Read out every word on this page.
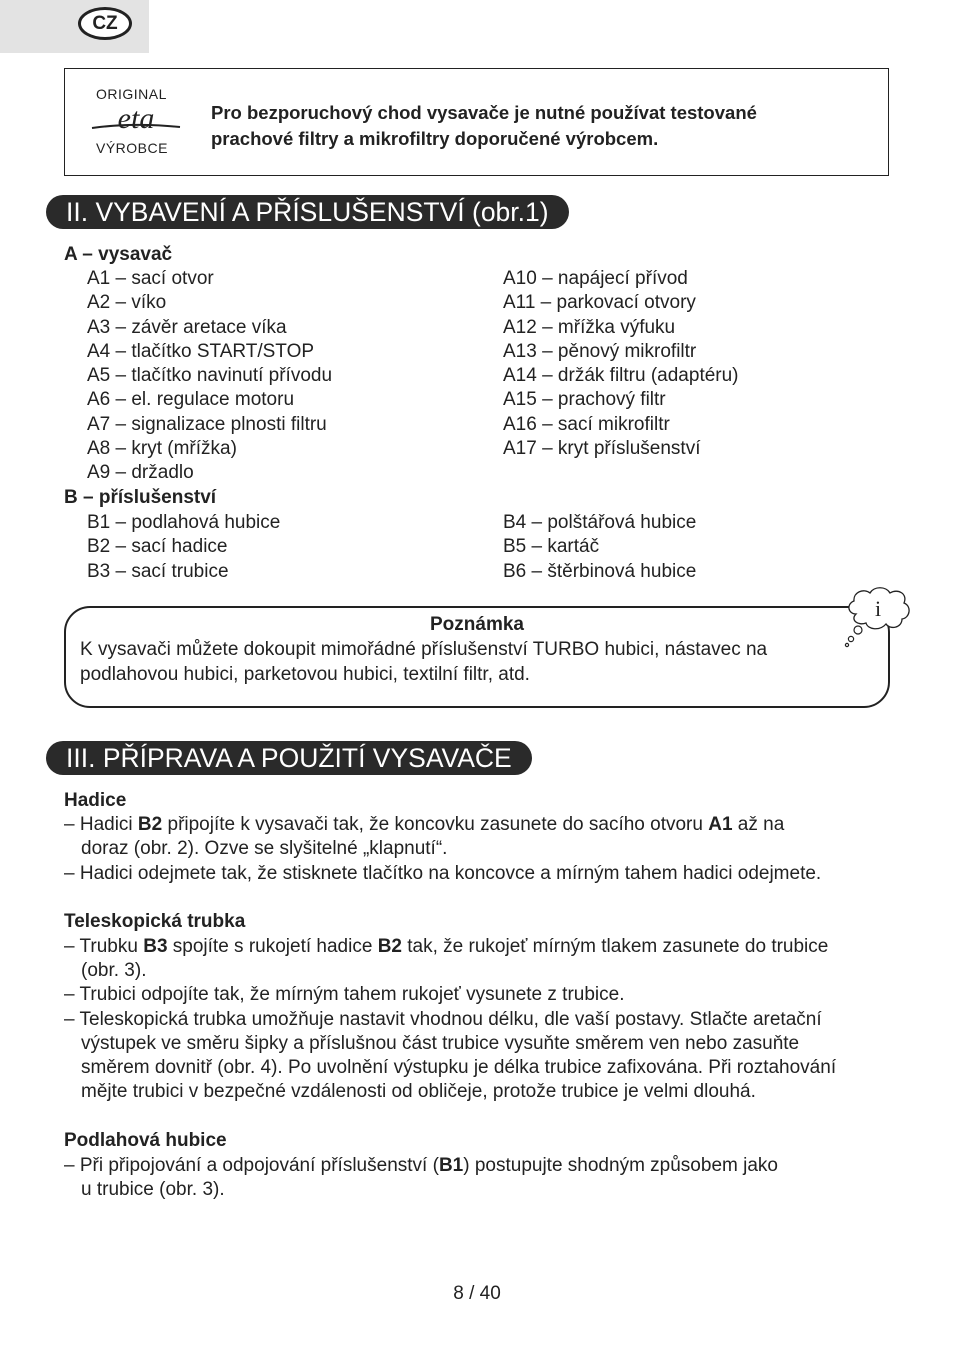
CZ
ORIGINAL
eta
VÝROBCE
Pro bezporuchový chod vysavače je nutné používat testované
prachové filtry a mikrofiltry doporučené výrobcem.
II. VYBAVENÍ A PŘÍSLUŠENSTVÍ (obr.1)
A – vysavač
A1 – sací otvor
A2 – víko
A3 – závěr aretace víka
A4 – tlačítko START/STOP
A5 – tlačítko navinutí přívodu
A6 – el. regulace motoru
A7 – signalizace plnosti filtru
A8 – kryt (mřížka)
A9 – držadlo
A10 – napájecí přívod
A11 – parkovací otvory
A12 – mřížka výfuku
A13 – pěnový mikrofiltr
A14 – držák filtru (adaptéru)
A15 – prachový filtr
A16 – sací mikrofiltr
A17 – kryt příslušenství
B – příslušenství
B1 – podlahová hubice
B2 – sací hadice
B3 – sací trubice
B4 – polštářová hubice
B5 – kartáč
B6 – štěrbinová hubice
Poznámka
K vysavači můžete dokoupit mimořádné příslušenství TURBO hubici, nástavec na
podlahovou hubici, parketovou hubici, textilní filtr, atd.
i
III. PŘÍPRAVA A POUŽITÍ VYSAVAČE
Hadice
– Hadici B2 připojíte k vysavači tak, že koncovku zasunete do sacího otvoru A1 až na
doraz (obr. 2). Ozve se slyšitelné „klapnutí“.
– Hadici odejmete tak, že stisknete tlačítko na koncovce a mírným tahem hadici odejmete.
Teleskopická trubka
– Trubku B3 spojíte s rukojetí hadice B2 tak, že rukojeť mírným tlakem zasunete do trubice
(obr. 3).
– Trubici odpojíte tak, že mírným tahem rukojeť vysunete z trubice.
– Teleskopická trubka umožňuje nastavit vhodnou délku, dle vaší postavy. Stlačte aretační
výstupek ve směru šipky a příslušnou část trubice vysuňte směrem ven nebo zasuňte
směrem dovnitř (obr. 4). Po uvolnění výstupku je délka trubice zafixována. Při roztahování
mějte trubici v bezpečné vzdálenosti od obličeje, protože trubice je velmi dlouhá.
Podlahová hubice
– Při připojování a odpojování příslušenství (B1) postupujte shodným způsobem jako
u trubice (obr. 3).
8 / 40
